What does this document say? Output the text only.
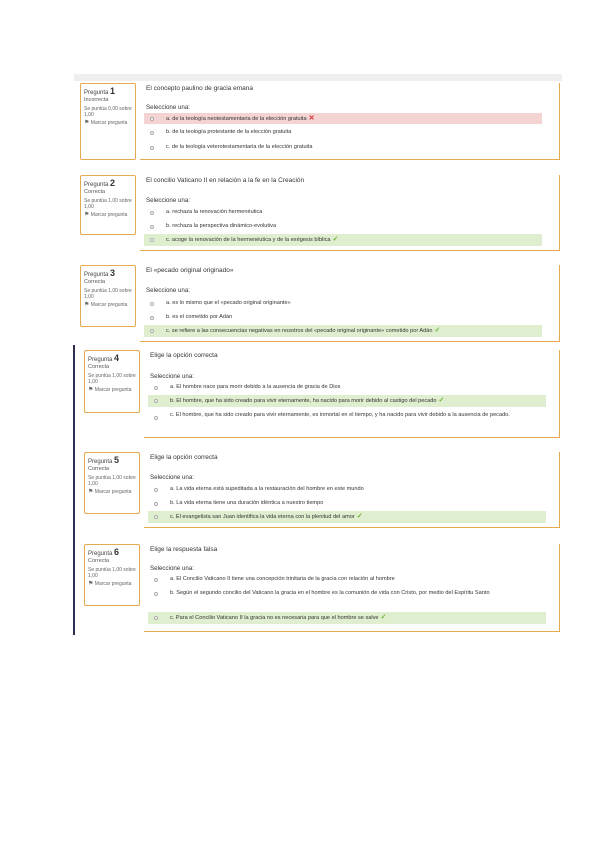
Pregunta 1
Incorrecta
Se puntúa 0,00 sobre 1,00
⚑ Marcar pregunta
El concepto paulino de gracia emana
Seleccione una:
a. de la teología neotestamentaria de la elección gratuita ✕
b. de la teología protestante de la elección gratuita
c. de la teología veterotestamentaria de la elección gratuita
Pregunta 2
Correcta
Se puntúa 1,00 sobre 1,00
⚑ Marcar pregunta
El concilio Vaticano II en relación a la fe en la Creación
Seleccione una:
a. rechaza la renovación hermenéutica
b. rechaza la perspectiva dinámico-evolutiva
c. acoge la renovación de la hermenéutica y de la exégesis bíblica ✓
Pregunta 3
Correcta
Se puntúa 1,00 sobre 1,00
⚑ Marcar pregunta
El «pecado original originado»
Seleccione una:
a. es lo mismo que el «pecado original originante»
b. es el cometido por Adán
c. se refiere a las consecuencias negativas en nosotros del «pecado original originante» cometido por Adán ✓
Pregunta 4
Correcta
Se puntúa 1,00 sobre 1,00
⚑ Marcar pregunta
Elige la opción correcta
Seleccione una:
a. El hombre nace para morir debido a la ausencia de gracia de Dios
b. El hombre, que ha sido creado para vivir eternamente, ha nacido para morir debido al castigo del pecado ✓
c. El hombre, que ha sido creado para vivir eternamente, es inmortal en el tiempo, y ha nacido para vivir debido a la ausencia de pecado.
Pregunta 5
Correcta
Se puntúa 1,00 sobre 1,00
⚑ Marcar pregunta
Elige la opción correcta
Seleccione una:
a. La vida eterna está supeditada a la restauración del hombre en este mundo
b. La vida eterna tiene una duración idéntica a nuestro tiempo
c. El evangelista san Juan identifica la vida eterna con la plenitud del amor ✓
Pregunta 6
Correcta
Se puntúa 1,00 sobre 1,00
⚑ Marcar pregunta
Elige la respuesta falsa
Seleccione una:
a. El Concilio Vaticano II tiene una concepción trinitaria de la gracia con relación al hombre
b. Según el segundo concilio del Vaticano la gracia en el hombre es la comunión de vida con Cristo, por medio del Espíritu Santo
c. Para el Concilio Vaticano II la gracia no es necesaria para que el hombre se salve ✓
